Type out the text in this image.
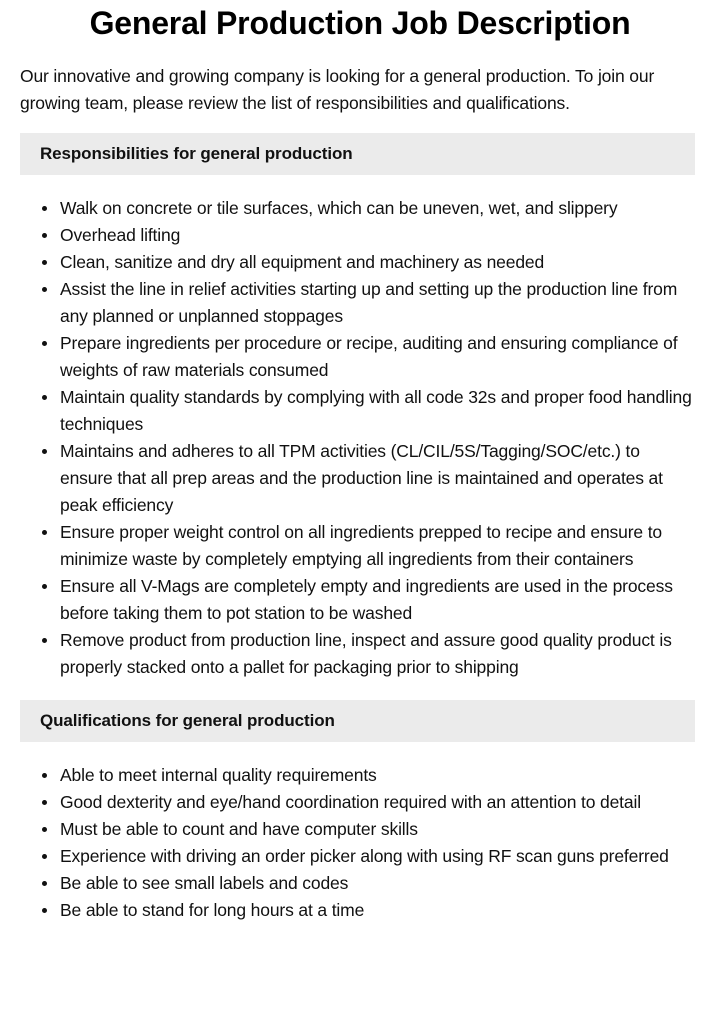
General Production Job Description

Our innovative and growing company is looking for a general production. To join our growing team, please review the list of responsibilities and qualifications.

Responsibilities for general production
Walk on concrete or tile surfaces, which can be uneven, wet, and slippery
Overhead lifting
Clean, sanitize and dry all equipment and machinery as needed
Assist the line in relief activities starting up and setting up the production line from any planned or unplanned stoppages
Prepare ingredients per procedure or recipe, auditing and ensuring compliance of weights of raw materials consumed
Maintain quality standards by complying with all code 32s and proper food handling techniques
Maintains and adheres to all TPM activities (CL/CIL/5S/Tagging/SOC/etc.) to ensure that all prep areas and the production line is maintained and operates at peak efficiency
Ensure proper weight control on all ingredients prepped to recipe and ensure to minimize waste by completely emptying all ingredients from their containers
Ensure all V-Mags are completely empty and ingredients are used in the process before taking them to pot station to be washed
Remove product from production line, inspect and assure good quality product is properly stacked onto a pallet for packaging prior to shipping
Qualifications for general production
Able to meet internal quality requirements
Good dexterity and eye/hand coordination required with an attention to detail
Must be able to count and have computer skills
Experience with driving an order picker along with using RF scan guns preferred
Be able to see small labels and codes
Be able to stand for long hours at a time
